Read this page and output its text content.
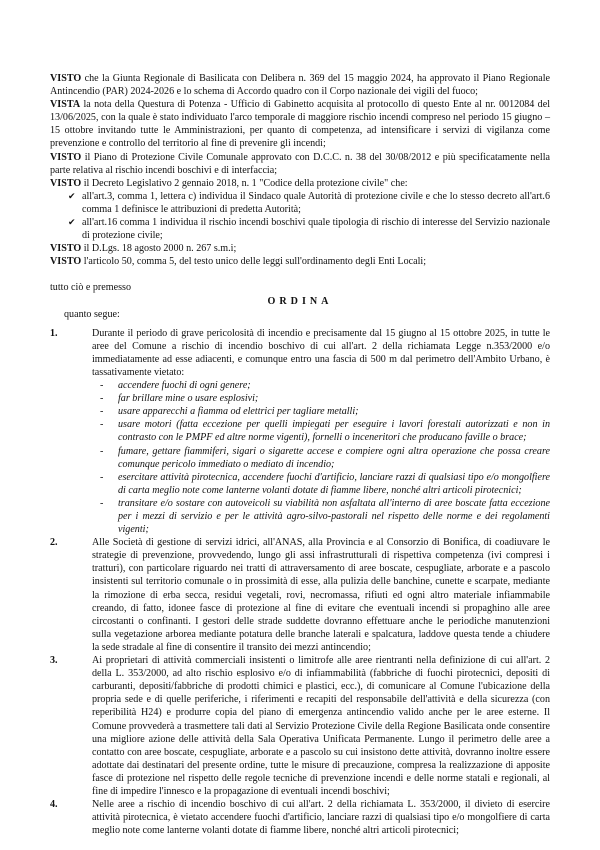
VISTO che la Giunta Regionale di Basilicata con Delibera n. 369 del 15 maggio 2024, ha approvato il Piano Regionale Antincendio (PAR) 2024-2026 e lo schema di Accordo quadro con il Corpo nazionale dei vigili del fuoco;

VISTA la nota della Questura di Potenza - Ufficio di Gabinetto acquisita al protocollo di questo Ente al nr. 0012084 del 13/06/2025, con la quale è stato individuato l'arco temporale di maggiore rischio incendi compreso nel periodo 15 giugno – 15 ottobre invitando tutte le Amministrazioni, per quanto di competenza, ad intensificare i servizi di vigilanza come prevenzione e controllo del territorio al fine di prevenire gli incendi;

VISTO il Piano di Protezione Civile Comunale approvato con D.C.C. n. 38 del 30/08/2012 e più specificatamente nella parte relativa al rischio incendi boschivi e di interfaccia;

VISTO il Decreto Legislativo 2 gennaio 2018, n. 1 "Codice della protezione civile" che:

✔ all'art.3, comma 1, lettera c) individua il Sindaco quale Autorità di protezione civile e che lo stesso decreto all'art.6 comma 1 definisce le attribuzioni di predetta Autorità;
✔ all'art.16 comma 1 individua il rischio incendi boschivi quale tipologia di rischio di interesse del Servizio nazionale di protezione civile;

VISTO il D.Lgs. 18 agosto 2000 n. 267 s.m.i;

VISTO l'articolo 50, comma 5, del testo unico delle leggi sull'ordinamento degli Enti Locali;

tutto ciò e premesso

ORDINA

quanto segue:

1.	Durante il periodo di grave pericolosità di incendio e precisamente dal 15 giugno al 15 ottobre 2025, in tutte le aree del Comune a rischio di incendio boschivo di cui all'art. 2 della richiamata Legge n.353/2000 e/o immediatamente ad esse adiacenti, e comunque entro una fascia di 500 m dal perimetro dell'Ambito Urbano, è tassativamente vietato:
- accendere fuochi di ogni genere;
- far brillare mine o usare esplosivi;
- usare apparecchi a fiamma od elettrici per tagliare metalli;
- usare motori (fatta eccezione per quelli impiegati per eseguire i lavori forestali autorizzati e non in contrasto con le PMPF ed altre norme vigenti), fornelli o inceneritori che producano faville o brace;
- fumare, gettare fiammiferi, sigari o sigarette accese e compiere ogni altra operazione che possa creare comunque pericolo immediato o mediato di incendio;
- esercitare attività pirotecnica, accendere fuochi d'artificio, lanciare razzi di qualsiasi tipo e/o mongolfiere di carta meglio note come lanterne volanti dotate di fiamme libere, nonché altri articoli pirotecnici;
- transitare e/o sostare con autoveicoli su viabilità non asfaltata all'interno di aree boscate fatta eccezione per i mezzi di servizio e per le attività agro-silvo-pastorali nel rispetto delle norme e dei regolamenti vigenti;
2.	Alle Società di gestione di servizi idrici, all'ANAS, alla Provincia e al Consorzio di Bonifica, di coadiuvare le strategie di prevenzione, provvedendo, lungo gli assi infrastrutturali di rispettiva competenza (ivi compresi i tratturi), con particolare riguardo nei tratti di attraversamento di aree boscate, cespugliate, arborate e a pascolo insistenti sul territorio comunale o in prossimità di esse, alla pulizia delle banchine, cunette e scarpate, mediante la rimozione di erba secca, residui vegetali, rovi, necromassa, rifiuti ed ogni altro materiale infiammabile creando, di fatto, idonee fasce di protezione al fine di evitare che eventuali incendi si propaghino alle aree circostanti o confinanti. I gestori delle strade suddette dovranno effettuare anche le periodiche manutenzioni sulla vegetazione arborea mediante potatura delle branche laterali e spalcatura, laddove questa tende a chiudere la sede stradale al fine di consentire il transito dei mezzi antincendio;
3.	Ai proprietari di attività commerciali insistenti o limitrofe alle aree rientranti nella definizione di cui all'art. 2 della L. 353/2000, ad alto rischio esplosivo e/o di infiammabilità (fabbriche di fuochi pirotecnici, depositi di carburanti, depositi/fabbriche di prodotti chimici e plastici, ecc.), di comunicare al Comune l'ubicazione della propria sede e di quelle periferiche, i riferimenti e recapiti del responsabile dell'attività e della sicurezza (con reperibilità H24) e produrre copia del piano di emergenza antincendio valido anche per le aree esterne. Il Comune provvederà a trasmettere tali dati al Servizio Protezione Civile della Regione Basilicata onde consentire una migliore azione delle attività della Sala Operativa Unificata Permanente. Lungo il perimetro delle aree a contatto con aree boscate, cespugliate, arborate e a pascolo su cui insistono dette attività, dovranno inoltre essere adottate dai destinatari del presente ordine, tutte le misure di precauzione, compresa la realizzazione di apposite fasce di protezione nel rispetto delle regole tecniche di prevenzione incendi e delle norme statali e regionali, al fine di impedire l'innesco e la propagazione di eventuali incendi boschivi;
4.	Nelle aree a rischio di incendio boschivo di cui all'art. 2 della richiamata L. 353/2000, il divieto di esercire attività pirotecnica, è vietato accendere fuochi d'artificio, lanciare razzi di qualsiasi tipo e/o mongolfiere di carta meglio note come lanterne volanti dotate di fiamme libere, nonché altri articoli pirotecnici;
